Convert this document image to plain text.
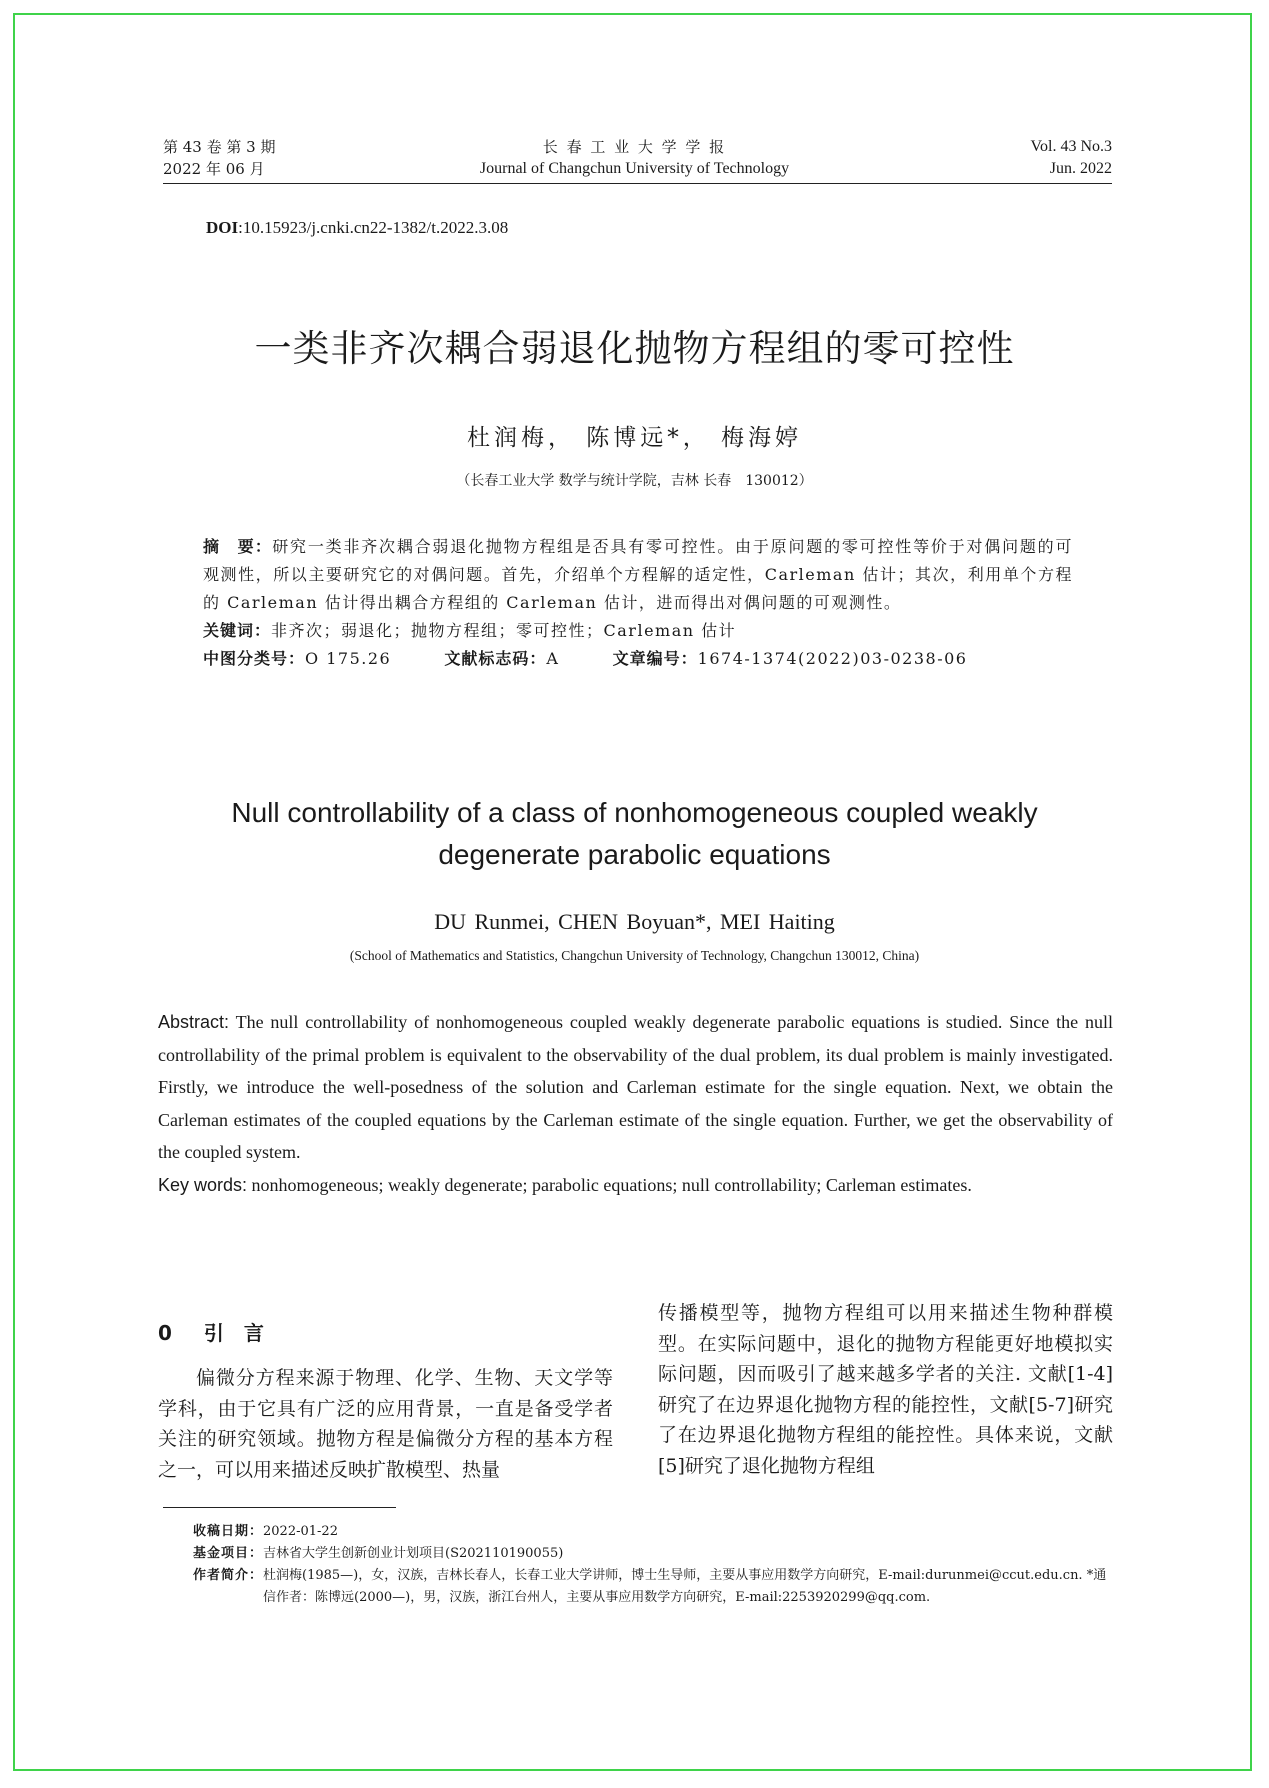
第 43 卷 第 3 期
2022 年 06 月
长 春 工 业 大 学 学 报
Journal of Changchun University of Technology
Vol. 43 No.3
Jun. 2022
DOI:10.15923/j.cnki.cn22-1382/t.2022.3.08
一类非齐次耦合弱退化抛物方程组的零可控性
杜润梅， 陈博远*， 梅海婷
（长春工业大学 数学与统计学院，吉林 长春　130012）
摘　要：研究一类非齐次耦合弱退化抛物方程组是否具有零可控性。由于原问题的零可控性等价于对偶问题的可观测性，所以主要研究它的对偶问题。首先，介绍单个方程解的适定性，Carleman 估计；其次，利用单个方程的 Carleman 估计得出耦合方程组的 Carleman 估计，进而得出对偶问题的可观测性。
关键词：非齐次；弱退化；抛物方程组；零可控性；Carleman 估计
中图分类号：O 175.26	文献标志码：A	文章编号：1674-1374(2022)03-0238-06
Null controllability of a class of nonhomogeneous coupled weakly degenerate parabolic equations
DU Runmei, CHEN Boyuan*, MEI Haiting
(School of Mathematics and Statistics, Changchun University of Technology, Changchun 130012, China)
Abstract: The null controllability of nonhomogeneous coupled weakly degenerate parabolic equations is studied. Since the null controllability of the primal problem is equivalent to the observability of the dual problem, its dual problem is mainly investigated. Firstly, we introduce the well-posedness of the solution and Carleman estimate for the single equation. Next, we obtain the Carleman estimates of the coupled equations by the Carleman estimate of the single equation. Further, we get the observability of the coupled system.
Key words: nonhomogeneous; weakly degenerate; parabolic equations; null controllability; Carleman estimates.
0 引　言
偏微分方程来源于物理、化学、生物、天文学等学科，由于它具有广泛的应用背景，一直是备受学者关注的研究领域。抛物方程是偏微分方程的基本方程之一，可以用来描述反映扩散模型、热量
传播模型等，抛物方程组可以用来描述生物种群模型。在实际问题中，退化的抛物方程能更好地模拟实际问题，因而吸引了越来越多学者的关注. 文献[1-4]研究了在边界退化抛物方程的能控性，文献[5-7]研究了在边界退化抛物方程组的能控性。具体来说，文献[5]研究了退化抛物方程组
收稿日期：2022-01-22
基金项目：吉林省大学生创新创业计划项目(S202110190055)
作者简介： 杜润梅(1985—)，女，汉族，吉林长春人，长春工业大学讲师，博士生导师，主要从事应用数学方向研究，E-mail:durunmei@ccut.edu.cn. *通信作者：陈博远(2000—)，男，汉族，浙江台州人，主要从事应用数学方向研究，E-mail:2253920299@qq.com.
